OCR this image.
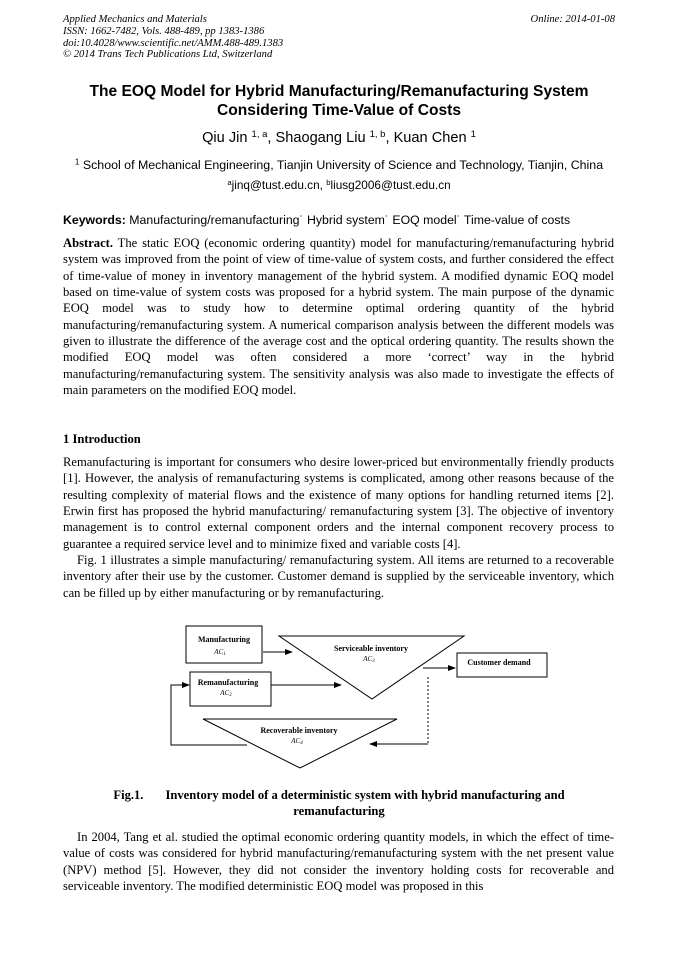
Applied Mechanics and Materials
ISSN: 1662-7482, Vols. 488-489, pp 1383-1386
doi:10.4028/www.scientific.net/AMM.488-489.1383
© 2014 Trans Tech Publications Ltd, Switzerland
Online: 2014-01-08
The EOQ Model for Hybrid Manufacturing/Remanufacturing System
Considering Time-Value of Costs
Qiu Jin $^{1, a}$, Shaogang Liu $^{1, b}$, Kuan Chen $^1$
$^1$ School of Mechanical Engineering, Tianjin University of Science and Technology, Tianjin, China
$^a$jinq@tust.edu.cn, $^b$liusg2006@tust.edu.cn
Keywords: Manufacturing/remanufacturing˙ Hybrid system˙ EOQ model˙ Time-value of costs
Abstract. The static EOQ (economic ordering quantity) model for manufacturing/remanufacturing hybrid system was improved from the point of view of time-value of system costs, and further considered the effect of time-value of money in inventory management of the hybrid system. A modified dynamic EOQ model based on time-value of system costs was proposed for a hybrid system. The main purpose of the dynamic EOQ model was to study how to determine optimal ordering quantity of the hybrid manufacturing/remanufacturing system. A numerical comparison analysis between the different models was given to illustrate the difference of the average cost and the optical ordering quantity. The results shown the modified EOQ model was often considered a more ‘correct’ way in the hybrid manufacturing/remanufacturing system. The sensitivity analysis was also made to investigate the effects of main parameters on the modified EOQ model.
1 Introduction
Remanufacturing is important for consumers who desire lower-priced but environmentally friendly products [1]. However, the analysis of remanufacturing systems is complicated, among other reasons because of the resulting complexity of material flows and the existence of many options for handling returned items [2]. Erwin first has proposed the hybrid manufacturing/ remanufacturing system [3]. The objective of inventory management is to control external component orders and the internal component recovery process to guarantee a required service level and to minimize fixed and variable costs [4].
Fig. 1 illustrates a simple manufacturing/ remanufacturing system. All items are returned to a recoverable inventory after their use by the customer. Customer demand is supplied by the serviceable inventory, which can be filled up by either manufacturing or by remanufacturing.
Manufacturing
AC1
Serviceable inventory
AC3	Customer demand
Remanufacturing
AC2
Recoverable inventory
AC4
Fig.1. Inventory model of a deterministic system with hybrid manufacturing and
remanufacturing
In 2004, Tang et al. studied the optimal economic ordering quantity models, in which the effect of time-value of costs was considered for hybrid manufacturing/remanufacturing system with the net present value (NPV) method [5]. However, they did not consider the inventory holding costs for recoverable and serviceable inventory. The modified deterministic EOQ model was proposed in this
